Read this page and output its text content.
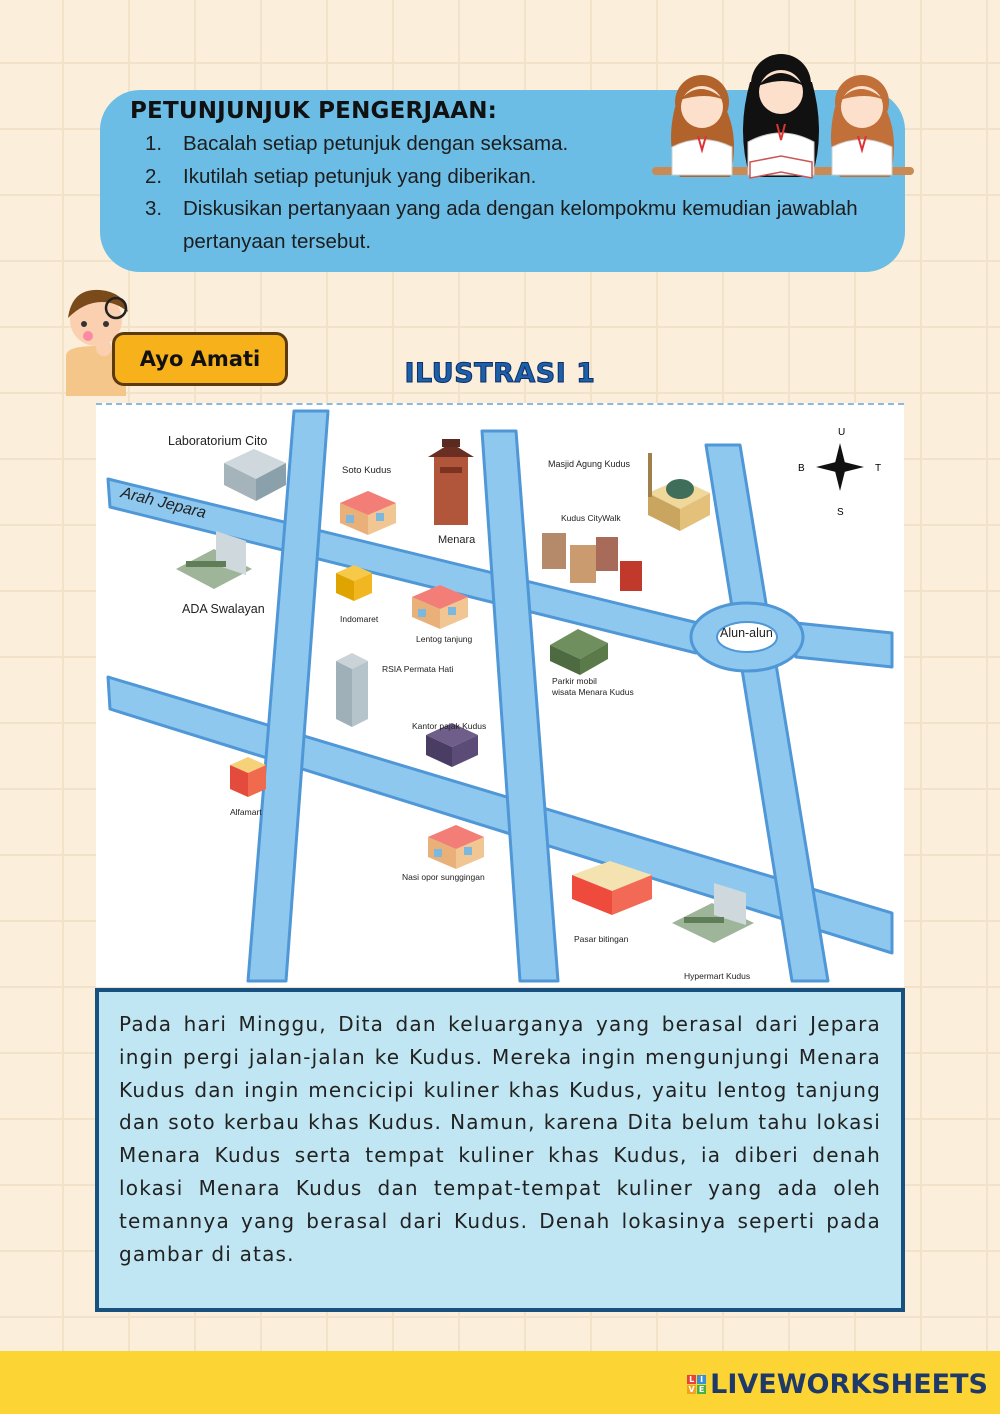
PETUNJUNJUK PENGERJAAN:
1. Bacalah setiap petunjuk dengan seksama.
2. Ikutilah setiap petunjuk yang diberikan.
3. Diskusikan pertanyaan yang ada dengan kelompokmu kemudian jawablah pertanyaan tersebut.
Ayo Amati	ILUSTRASI 1
U
S
B	T
Laboratorium Cito
Soto Kudus
Menara
Masjid Agung Kudus
Kudus CityWalk
Arah Jepara
ADA Swalayan
Indomaret
Lentog tanjung	Alun-alun
Parkir mobil
wisata Menara Kudus
RSIA Permata Hati
Kantor pajak Kudus
Alfamart
Nasi opor sunggingan
Pasar bitingan
Hypermart Kudus

Pada hari Minggu, Dita dan keluarganya yang berasal dari Jepara ingin pergi jalan-jalan ke Kudus. Mereka ingin mengunjungi Menara Kudus dan ingin mencicipi kuliner khas Kudus, yaitu lentog tanjung dan soto kerbau khas Kudus. Namun, karena Dita belum tahu lokasi Menara Kudus serta tempat kuliner khas Kudus, ia diberi denah lokasi Menara Kudus dan tempat-tempat kuliner yang ada oleh temannya yang berasal dari Kudus. Denah lokasinya seperti pada gambar di atas.

L I
V E LIVEWORKSHEETS
